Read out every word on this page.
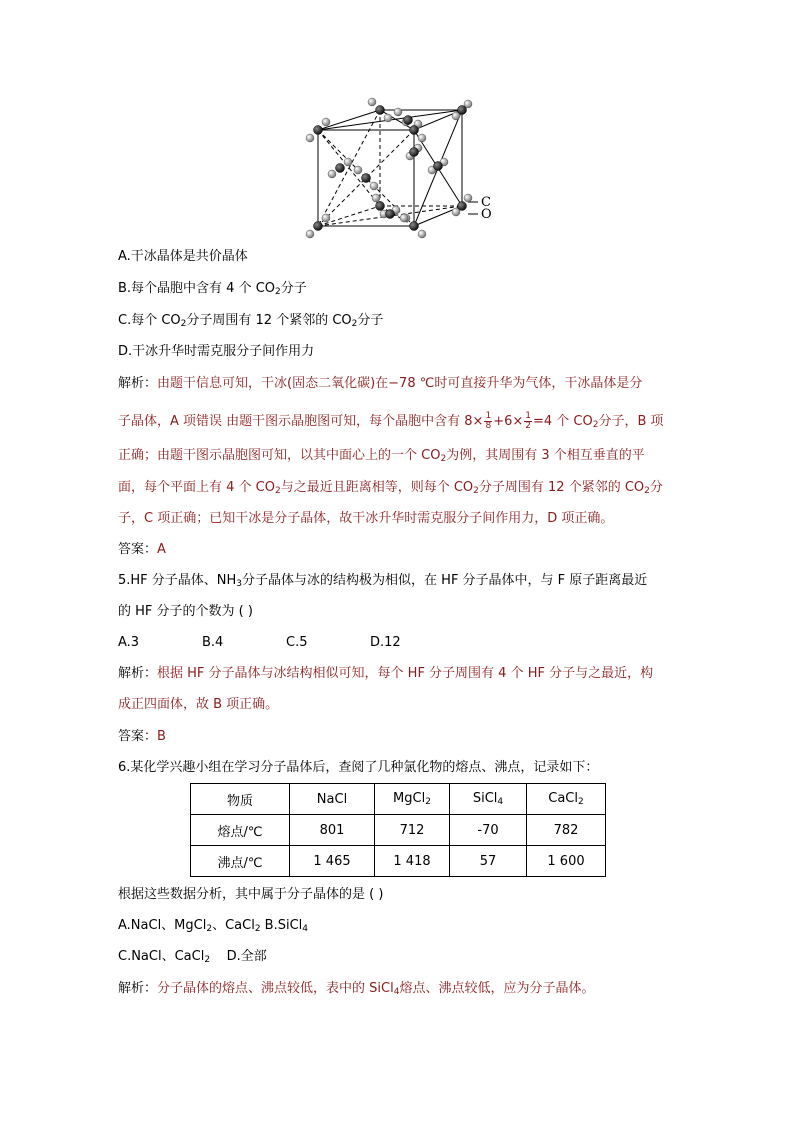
C
O
A.干冰晶体是共价晶体
B.每个晶胞中含有 4 个 $CO_2$分子
C.每个 $CO_2$分子周围有 12 个紧邻的 $CO_2$分子
D.干冰升华时需克服分子间作用力
解析：由题干信息可知，干冰(固态二氧化碳)在−78 ℃时可直接升华为气体，干冰晶体是分
子晶体，A 项错误 由题干图示晶胞图可知，每个晶胞中含有 $8\times \frac{1}{8} +6\times \frac{1}{2} =4$ 个 $CO_2$分子，B 项
正确；由题干图示晶胞图可知，以其中面心上的一个 $CO_2$为例，其周围有 3 个相互垂直的平
面，每个平面上有 4 个 $CO_2$与之最近且距离相等，则每个 $CO_2$分子周围有 12 个紧邻的 $CO_2$分
子，C 项正确；已知干冰是分子晶体，故干冰升华时需克服分子间作用力，D 项正确。
答案：A
5.HF 分子晶体、$NH_3$分子晶体与冰的结构极为相似，在 HF 分子晶体中，与 F 原子距离最近
的 HF 分子的个数为 ( )
A.3	B.4	C.5	D.12
解析：根据 HF 分子晶体与冰结构相似可知，每个 HF 分子周围有 4 个 HF 分子与之最近，构
成正四面体，故 B 项正确。
答案：B
6.某化学兴趣小组在学习分子晶体后，查阅了几种氯化物的熔点、沸点，记录如下：
物质	NaCl	MgCl$_2$	SiCl$_4$	CaCl$_2$
熔点/℃	801	712	-70	782
沸点/℃	1 465	1 418	57	1 600
根据这些数据分析，其中属于分子晶体的是 ( )
A.NaCl、MgCl$_2$、CaCl$_2$ B.SiCl$_4$
C.NaCl、CaCl$_2$    D.全部
解析：分子晶体的熔点、沸点较低，表中的 SiCl$_4$熔点、沸点较低，应为分子晶体。
